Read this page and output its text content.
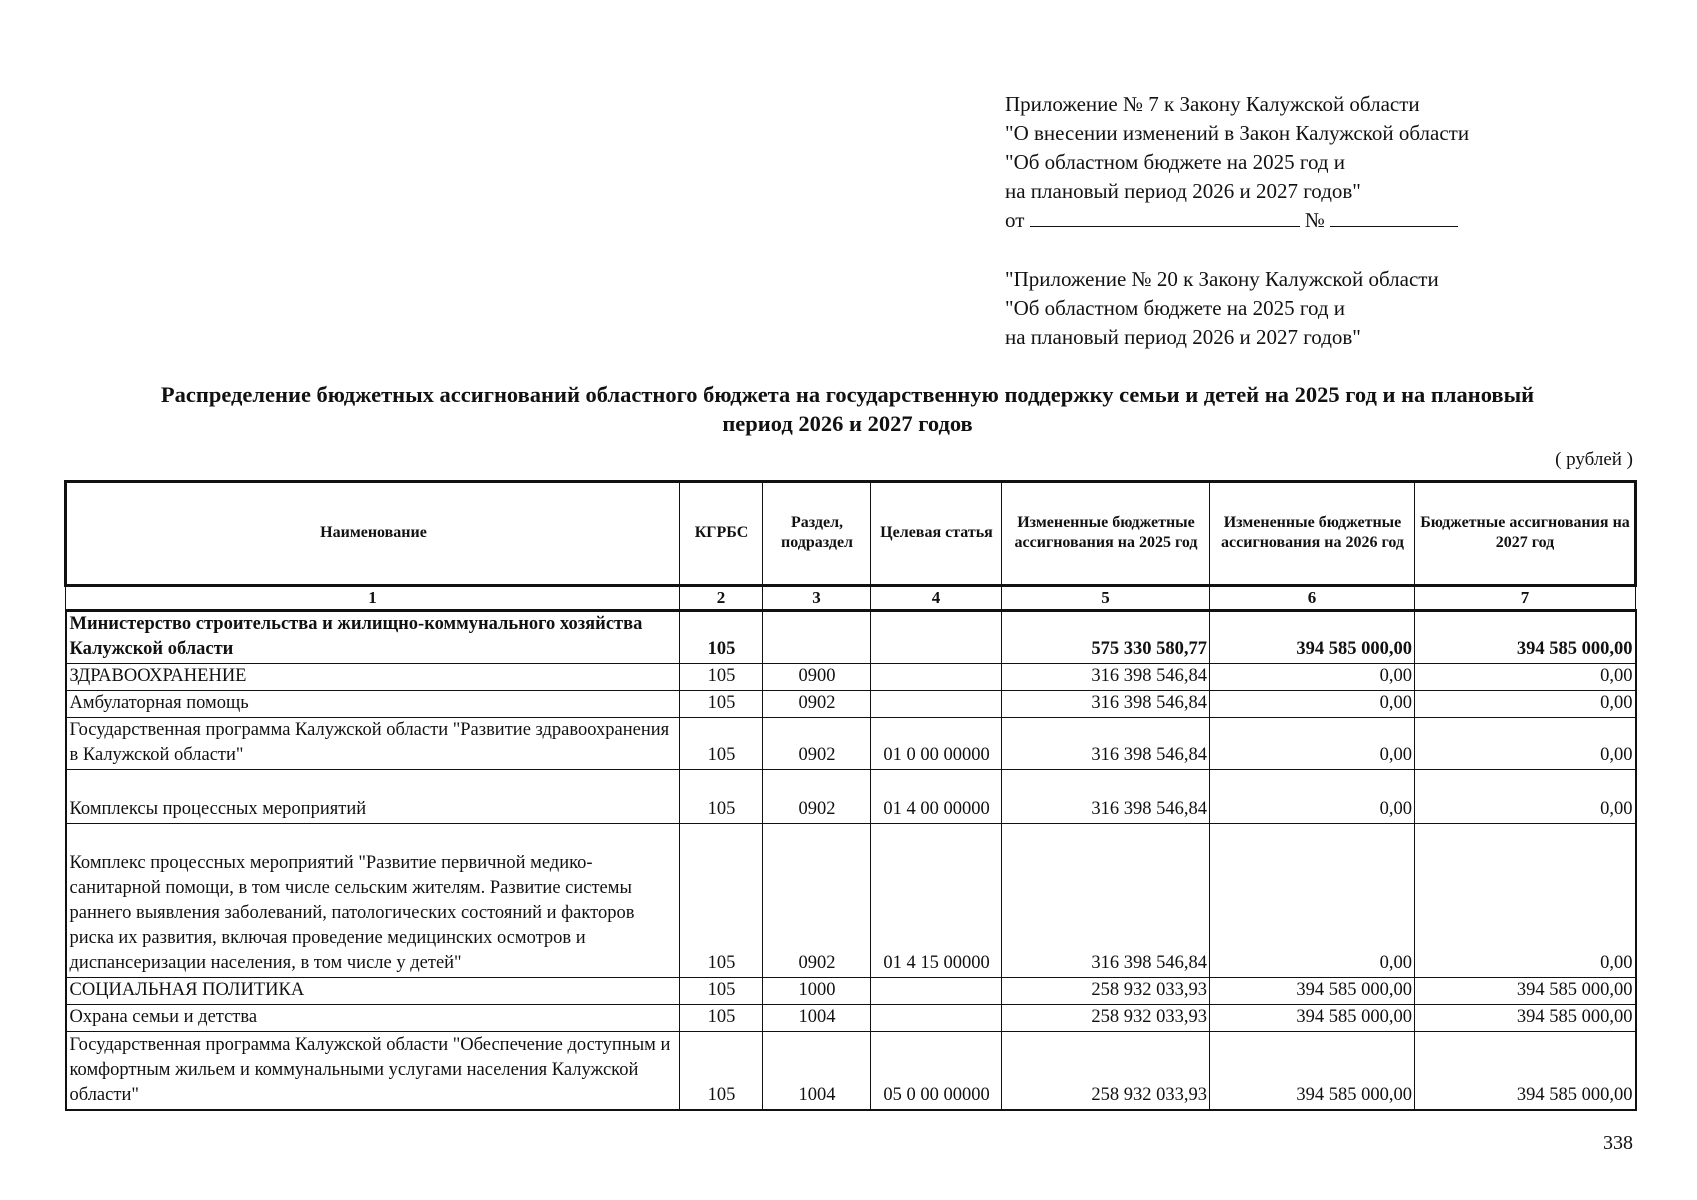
Приложение № 7 к Закону Калужской области
"О внесении изменений в Закон Калужской области
"Об областном бюджете на 2025 год и
на плановый период 2026 и 2027 годов"
от	№
"Приложение № 20 к Закону Калужской области
"Об областном бюджете на 2025 год и
на плановый период 2026 и 2027 годов"
Распределение бюджетных ассигнований областного бюджета на государственную поддержку семьи и детей на 2025 год и на плановый
период 2026 и 2027 годов
( рублей )
Наименование	КГРБС	Раздел, подраздел	Целевая статья	Измененные бюджетные ассигнования на 2025 год	Измененные бюджетные ассигнования на 2026 год	Бюджетные ассигнования на 2027 год
1	2	3	4	5	6	7
Министерство строительства и жилищно-коммунального хозяйства Калужской области	105			575 330 580,77	394 585 000,00	394 585 000,00
ЗДРАВООХРАНЕНИЕ	105	0900		316 398 546,84	0,00	0,00
Амбулаторная помощь	105	0902		316 398 546,84	0,00	0,00
Государственная программа Калужской области "Развитие здравоохранения в Калужской области"	105	0902	01 0 00 00000	316 398 546,84	0,00	0,00
Комплексы процессных мероприятий	105	0902	01 4 00 00000	316 398 546,84	0,00	0,00
Комплекс процессных мероприятий "Развитие первичной медико-санитарной помощи, в том числе сельским жителям. Развитие системы раннего выявления заболеваний, патологических состояний и факторов риска их развития, включая проведение медицинских осмотров и диспансеризации населения, в том числе у детей"	105	0902	01 4 15 00000	316 398 546,84	0,00	0,00
СОЦИАЛЬНАЯ ПОЛИТИКА	105	1000		258 932 033,93	394 585 000,00	394 585 000,00
Охрана семьи и детства	105	1004		258 932 033,93	394 585 000,00	394 585 000,00
Государственная программа Калужской области "Обеспечение доступным и комфортным жильем и коммунальными услугами населения Калужской области"	105	1004	05 0 00 00000	258 932 033,93	394 585 000,00	394 585 000,00
338
